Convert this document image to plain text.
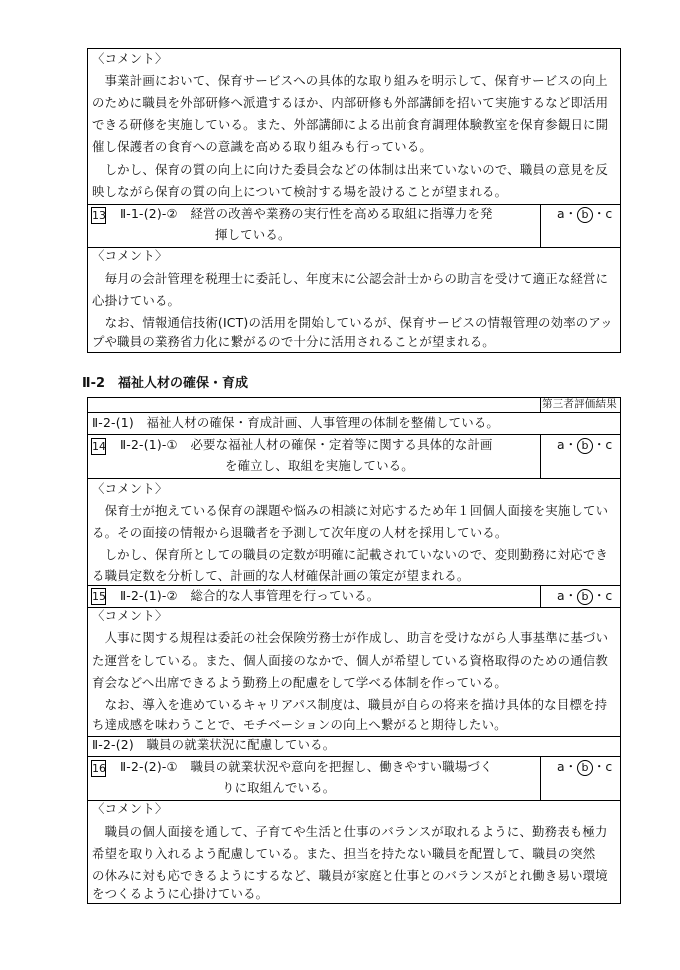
〈コメント〉
　事業計画において、保育サービスへの具体的な取り組みを明示して、保育サービスの向上
のために職員を外部研修へ派遣するほか、内部研修も外部講師を招いて実施するなど即活用
できる研修を実施している。また、外部講師による出前食育調理体験教室を保育参観日に開
催し保護者の食育への意識を高める取り組みも行っている。
　しかし、保育の質の向上に向けた委員会などの体制は出来ていないので、職員の意見を反
映しながら保育の質の向上について検討する場を設けることが望まれる。
13 Ⅱ-1-(2)-②　経営の改善や業務の実行性を高める取組に指導力を発
揮している。
a・ b ・c
〈コメント〉
　毎月の会計管理を税理士に委託し、年度末に公認会計士からの助言を受けて適正な経営に
心掛けている。
　なお、情報通信技術(ICT)の活用を開始しているが、保育サービスの情報管理の効率のアッ
プや職員の業務省力化に繋がるので十分に活用されることが望まれる。
Ⅱ-2　福祉人材の確保・育成
第三者評価結果
Ⅱ-2-(1)　福祉人材の確保・育成計画、人事管理の体制を整備している。
14 Ⅱ-2-(1)-①　必要な福祉人材の確保・定着等に関する具体的な計画
を確立し、取組を実施している。
a・ b ・c
〈コメント〉
　保育士が抱えている保育の課題や悩みの相談に対応するため年１回個人面接を実施してい
る。その面接の情報から退職者を予測して次年度の人材を採用している。
　しかし、保育所としての職員の定数が明確に記載されていないので、変則勤務に対応でき
る職員定数を分析して、計画的な人材確保計画の策定が望まれる。
15 Ⅱ-2-(1)-②　総合的な人事管理を行っている。	a・ b ・c
〈コメント〉
　人事に関する規程は委託の社会保険労務士が作成し、助言を受けながら人事基準に基づい
た運営をしている。また、個人面接のなかで、個人が希望している資格取得のための通信教
育会などへ出席できるよう勤務上の配慮をして学べる体制を作っている。
　なお、導入を進めているキャリアパス制度は、職員が自らの将来を描け具体的な目標を持
ち達成感を味わうことで、モチベーションの向上へ繋がると期待したい。
Ⅱ-2-(2)　職員の就業状況に配慮している。
16 Ⅱ-2-(2)-①　職員の就業状況や意向を把握し、働きやすい職場づく
りに取組んでいる。
a・ b ・c
〈コメント〉
　職員の個人面接を通して、子育てや生活と仕事のバランスが取れるように、勤務表も極力
希望を取り入れるよう配慮している。また、担当を持たない職員を配置して、職員の突然
の休みに対も応できるようにするなど、職員が家庭と仕事とのバランスがとれ働き易い環境
をつくるように心掛けている。
